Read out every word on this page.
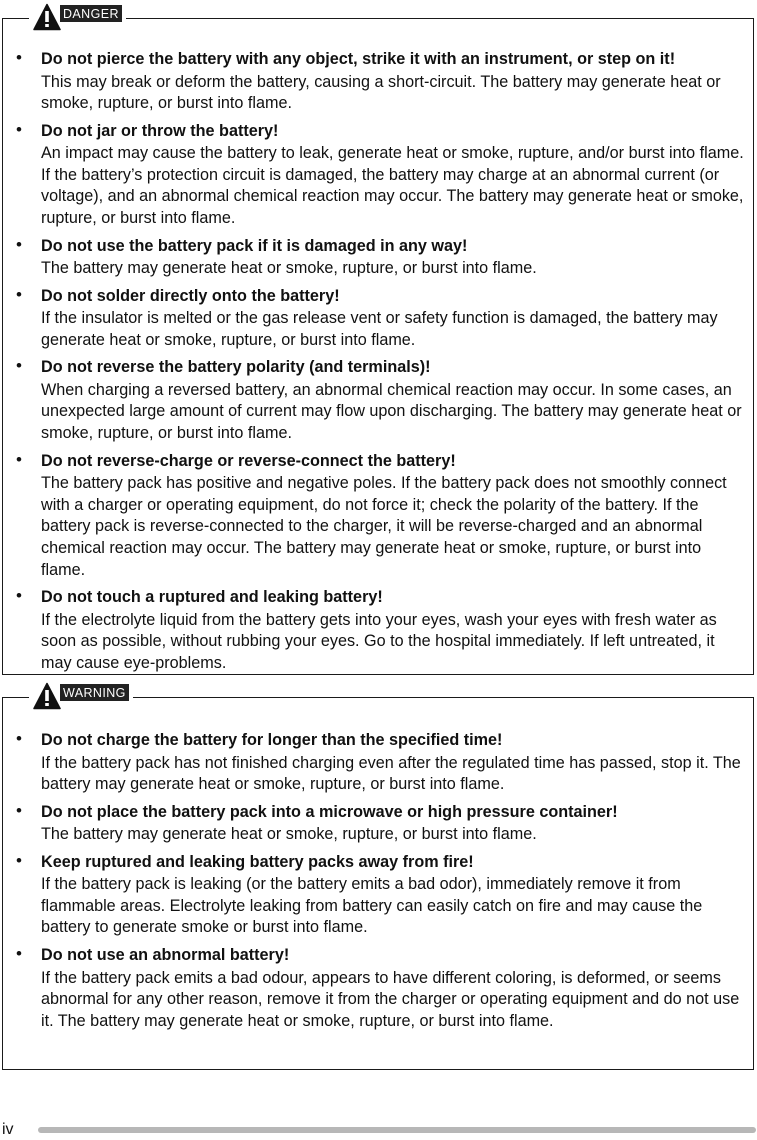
DANGER
• Do not pierce the battery with any object, strike it with an instrument, or step on it!
This may break or deform the battery, causing a short-circuit. The battery may generate heat or smoke, rupture, or burst into flame.
• Do not jar or throw the battery!
An impact may cause the battery to leak, generate heat or smoke, rupture, and/or burst into flame. If the battery’s protection circuit is damaged, the battery may charge at an abnormal current (or voltage), and an abnormal chemical reaction may occur. The battery may generate heat or smoke, rupture, or burst into flame.
• Do not use the battery pack if it is damaged in any way!
The battery may generate heat or smoke, rupture, or burst into flame.
• Do not solder directly onto the battery!
If the insulator is melted or the gas release vent or safety function is damaged, the battery may generate heat or smoke, rupture, or burst into flame.
• Do not reverse the battery polarity (and terminals)!
When charging a reversed battery, an abnormal chemical reaction may occur. In some cases, an unexpected large amount of current may flow upon discharging. The battery may generate heat or smoke, rupture, or burst into flame.
• Do not reverse-charge or reverse-connect the battery!
The battery pack has positive and negative poles. If the battery pack does not smoothly connect with a charger or operating equipment, do not force it; check the polarity of the battery. If the battery pack is reverse-connected to the charger, it will be reverse-charged and an abnormal chemical reaction may occur. The battery may generate heat or smoke, rupture, or burst into flame.
• Do not touch a ruptured and leaking battery!
If the electrolyte liquid from the battery gets into your eyes, wash your eyes with fresh water as soon as possible, without rubbing your eyes. Go to the hospital immediately. If left untreated, it may cause eye-problems.
WARNING
• Do not charge the battery for longer than the specified time!
If the battery pack has not finished charging even after the regulated time has passed, stop it. The battery may generate heat or smoke, rupture, or burst into flame.
• Do not place the battery pack into a microwave or high pressure container!
The battery may generate heat or smoke, rupture, or burst into flame.
• Keep ruptured and leaking battery packs away from fire!
If the battery pack is leaking (or the battery emits a bad odor), immediately remove it from flammable areas. Electrolyte leaking from battery can easily catch on fire and may cause the battery to generate smoke or burst into flame.
• Do not use an abnormal battery!
If the battery pack emits a bad odour, appears to have different coloring, is deformed, or seems abnormal for any other reason, remove it from the charger or operating equipment and do not use it. The battery may generate heat or smoke, rupture, or burst into flame.
iv
